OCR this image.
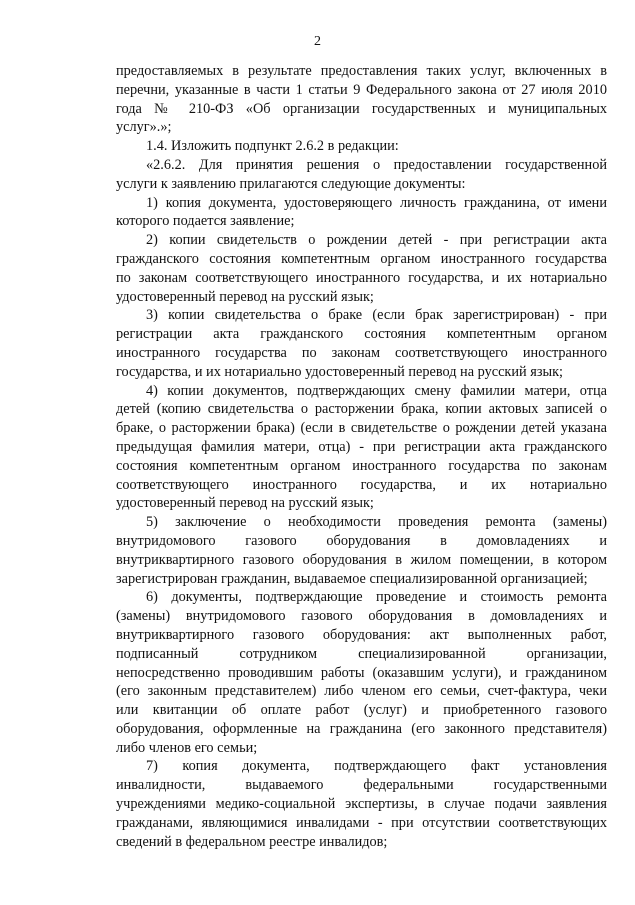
2

предоставляемых в результате предоставления таких услуг, включенных в

перечни, указанные в части 1 статьи 9 Федерального закона от 27 июля 2010

года № 210-ФЗ «Об организации государственных и муниципальных

услуг».»;

1.4. Изложить подпункт 2.6.2 в редакции:

«2.6.2. Для принятия решения о предоставлении государственной

услуги к заявлению прилагаются следующие документы:

1) копия документа, удостоверяющего личность гражданина, от имени

которого подается заявление;

2) копии свидетельств о рождении детей - при регистрации акта

гражданского состояния компетентным органом иностранного государства

по законам соответствующего иностранного государства, и их нотариально

удостоверенный перевод на русский язык;

3) копии свидетельства о браке (если брак зарегистрирован) - при

регистрации акта гражданского состояния компетентным органом

иностранного государства по законам соответствующего иностранного

государства, и их нотариально удостоверенный перевод на русский язык;

4) копии документов, подтверждающих смену фамилии матери, отца

детей (копию свидетельства о расторжении брака, копии актовых записей о

браке, о расторжении брака) (если в свидетельстве о рождении детей указана

предыдущая фамилия матери, отца) - при регистрации акта гражданского

состояния компетентным органом иностранного государства по законам

соответствующего иностранного государства, и их нотариально

удостоверенный перевод на русский язык;

5) заключение о необходимости проведения ремонта (замены)

внутридомового газового оборудования в домовладениях и

внутриквартирного газового оборудования в жилом помещении, в котором

зарегистрирован гражданин, выдаваемое специализированной организацией;

6) документы, подтверждающие проведение и стоимость ремонта

(замены) внутридомового газового оборудования в домовладениях и

внутриквартирного газового оборудования: акт выполненных работ,

подписанный сотрудником специализированной организации,

непосредственно проводившим работы (оказавшим услуги), и гражданином

(его законным представителем) либо членом его семьи, счет-фактура, чеки

или квитанции об оплате работ (услуг) и приобретенного газового

оборудования, оформленные на гражданина (его законного представителя)

либо членов его семьи;

7) копия документа, подтверждающего факт установления

инвалидности, выдаваемого федеральными государственными

учреждениями медико-социальной экспертизы, в случае подачи заявления

гражданами, являющимися инвалидами - при отсутствии соответствующих

сведений в федеральном реестре инвалидов;
